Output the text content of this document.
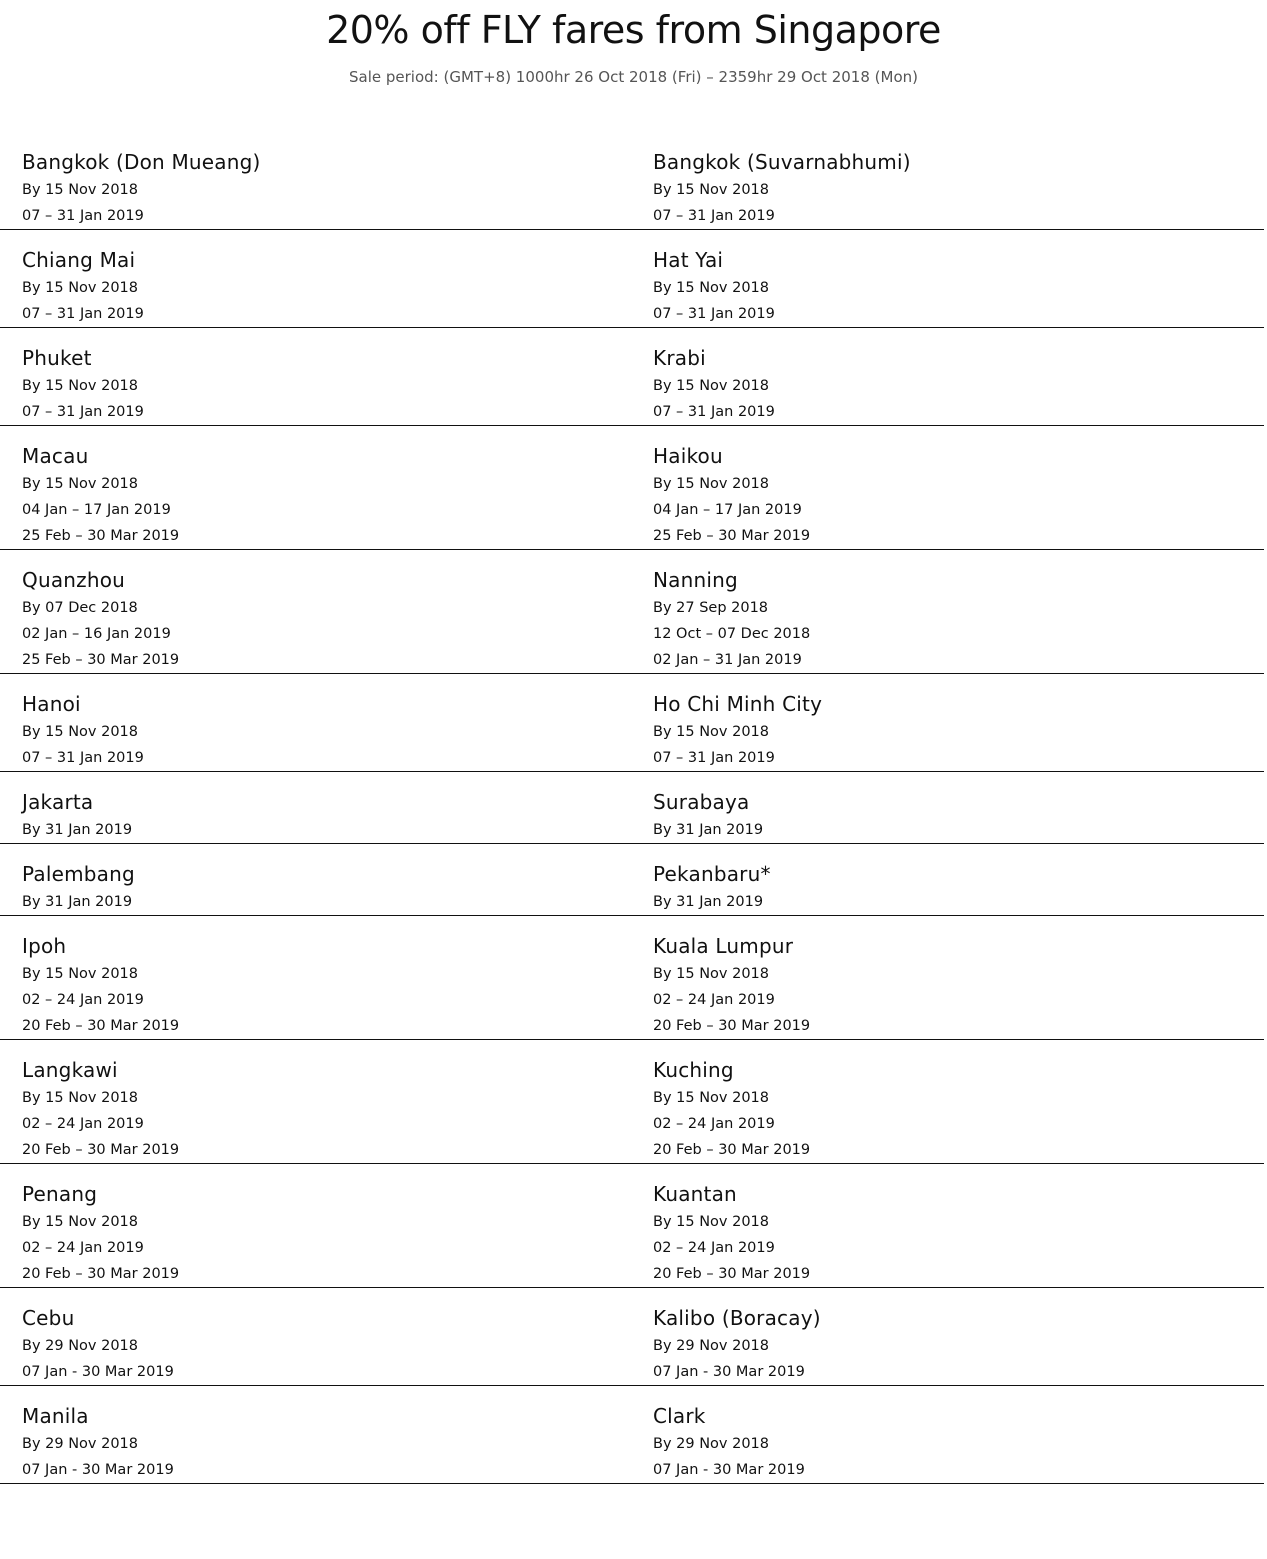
20% off FLY fares from Singapore

Sale period: (GMT+8) 1000hr 26 Oct 2018 (Fri) – 2359hr 29 Oct 2018 (Mon)

Bangkok (Don Mueang)
By 15 Nov 2018
07 – 31 Jan 2019
Bangkok (Suvarnabhumi)
By 15 Nov 2018
07 – 31 Jan 2019
Chiang Mai
By 15 Nov 2018
07 – 31 Jan 2019
Hat Yai
By 15 Nov 2018
07 – 31 Jan 2019
Phuket
By 15 Nov 2018
07 – 31 Jan 2019
Krabi
By 15 Nov 2018
07 – 31 Jan 2019
Macau
By 15 Nov 2018
04 Jan – 17 Jan 2019
25 Feb – 30 Mar 2019
Haikou
By 15 Nov 2018
04 Jan – 17 Jan 2019
25 Feb – 30 Mar 2019
Quanzhou
By 07 Dec 2018
02 Jan – 16 Jan 2019
25 Feb – 30 Mar 2019
Nanning
By 27 Sep 2018
12 Oct – 07 Dec 2018
02 Jan – 31 Jan 2019
Hanoi
By 15 Nov 2018
07 – 31 Jan 2019
Ho Chi Minh City
By 15 Nov 2018
07 – 31 Jan 2019
Jakarta
By 31 Jan 2019
Surabaya
By 31 Jan 2019
Palembang
By 31 Jan 2019
Pekanbaru*
By 31 Jan 2019
Ipoh
By 15 Nov 2018
02 – 24 Jan 2019
20 Feb – 30 Mar 2019
Kuala Lumpur
By 15 Nov 2018
02 – 24 Jan 2019
20 Feb – 30 Mar 2019
Langkawi
By 15 Nov 2018
02 – 24 Jan 2019
20 Feb – 30 Mar 2019
Kuching
By 15 Nov 2018
02 – 24 Jan 2019
20 Feb – 30 Mar 2019
Penang
By 15 Nov 2018
02 – 24 Jan 2019
20 Feb – 30 Mar 2019
Kuantan
By 15 Nov 2018
02 – 24 Jan 2019
20 Feb – 30 Mar 2019
Cebu
By 29 Nov 2018
07 Jan - 30 Mar 2019
Kalibo (Boracay)
By 29 Nov 2018
07 Jan - 30 Mar 2019
Manila
By 29 Nov 2018
07 Jan - 30 Mar 2019
Clark
By 29 Nov 2018
07 Jan - 30 Mar 2019
